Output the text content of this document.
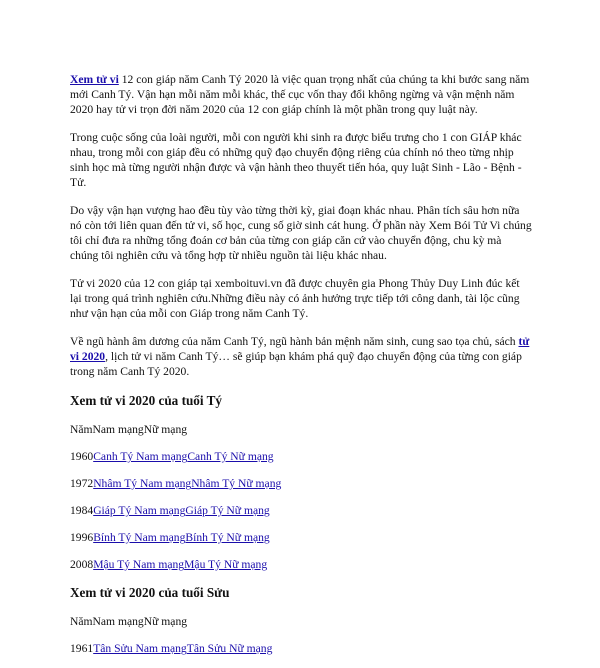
Xem tử vi 12 con giáp năm Canh Tý 2020 là việc quan trọng nhất của chúng ta khi bước sang năm mới Canh Tý. Vận hạn mỗi năm mỗi khác, thế cục vốn thay đổi không ngừng và vận mệnh năm 2020 hay tử vi trọn đời năm 2020 của 12 con giáp chính là một phần trong quy luật này.

Trong cuộc sống của loài người, mỗi con người khi sinh ra được biểu trưng cho 1 con GIÁP khác nhau, trong mỗi con giáp đều có những quỹ đạo chuyển động riêng của chính nó theo từng nhịp sinh học mà từng người nhận được và vận hành theo thuyết tiến hóa, quy luật Sinh - Lão - Bệnh - Tử.

Do vậy vận hạn vượng hao đều tùy vào từng thời kỳ, giai đoạn khác nhau. Phân tích sâu hơn nữa nó còn tới liên quan đến tử vi, số học, cung số giờ sinh cát hung. Ở phần này Xem Bói Tử Vi chúng tôi chỉ đưa ra những tổng đoán cơ bản của từng con giáp căn cứ vào chuyển động, chu kỳ mà chúng tôi nghiên cứu và tổng hợp từ nhiều nguồn tài liệu khác nhau.

Tử vi 2020 của 12 con giáp tại xemboituvi.vn đã được chuyên gia Phong Thủy Duy Linh đúc kết lại trong quá trình nghiên cứu.Những điều này có ảnh hưởng trực tiếp tới công danh, tài lộc cũng như vận hạn của mỗi con Giáp trong năm Canh Tý.

Về ngũ hành âm dương của năm Canh Tý, ngũ hành bản mệnh năm sinh, cung sao tọa chủ, sách tử vi 2020, lịch tử vi năm Canh Tý… sẽ giúp bạn khám phá quỹ đạo chuyển động của từng con giáp trong năm Canh Tý 2020.

Xem tử vi 2020 của tuổi Tý
NămNam mạngNữ mạng
1960Canh Tý Nam mạngCanh Tý Nữ mạng
1972Nhâm Tý Nam mạngNhâm Tý Nữ mạng
1984Giáp Tý Nam mạngGiáp Tý Nữ mạng
1996Bính Tý Nam mạngBính Tý Nữ mạng
2008Mậu Tý Nam mạngMậu Tý Nữ mạng
Xem tử vi 2020 của tuổi Sửu
NămNam mạngNữ mạng
1961Tân Sửu Nam mạngTân Sửu Nữ mạng
